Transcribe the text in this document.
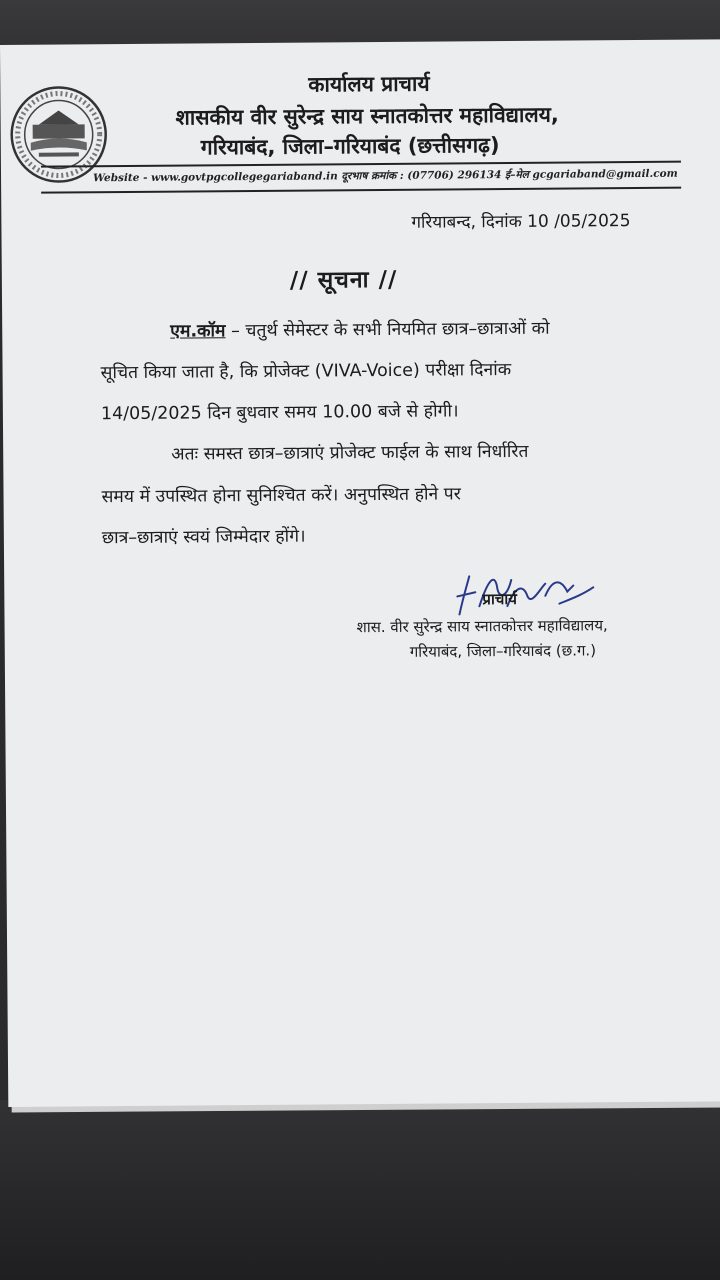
कार्यालय प्राचार्य
शासकीय वीर सुरेन्द्र साय स्नातकोत्तर महाविद्यालय,
गरियाबंद, जिला–गरियाबंद (छत्तीसगढ़)
Website - www.govtpgcollegegariaband.in दूरभाष क्रमांक : (07706) 296134 ई–मेल gcgariaband@gmail.com
गरियाबन्द, दिनांक 10 /05/2025
// सूचना //
एम.कॉम – चतुर्थ सेमेस्टर के सभी नियमित छात्र–छात्राओं को
सूचित किया जाता है, कि प्रोजेक्ट (VIVA-Voice) परीक्षा दिनांक
14/05/2025 दिन बुधवार समय 10.00 बजे से होगी।
अतः समस्त छात्र–छात्राएं प्रोजेक्ट फाईल के साथ निर्धारित
समय में उपस्थित होना सुनिश्चित करें। अनुपस्थित होने पर
छात्र–छात्राएं स्वयं जिम्मेदार होंगे।
प्राचार्य
शास. वीर सुरेन्द्र साय स्नातकोत्तर महाविद्यालय,
गरियाबंद, जिला–गरियाबंद (छ.ग.)
